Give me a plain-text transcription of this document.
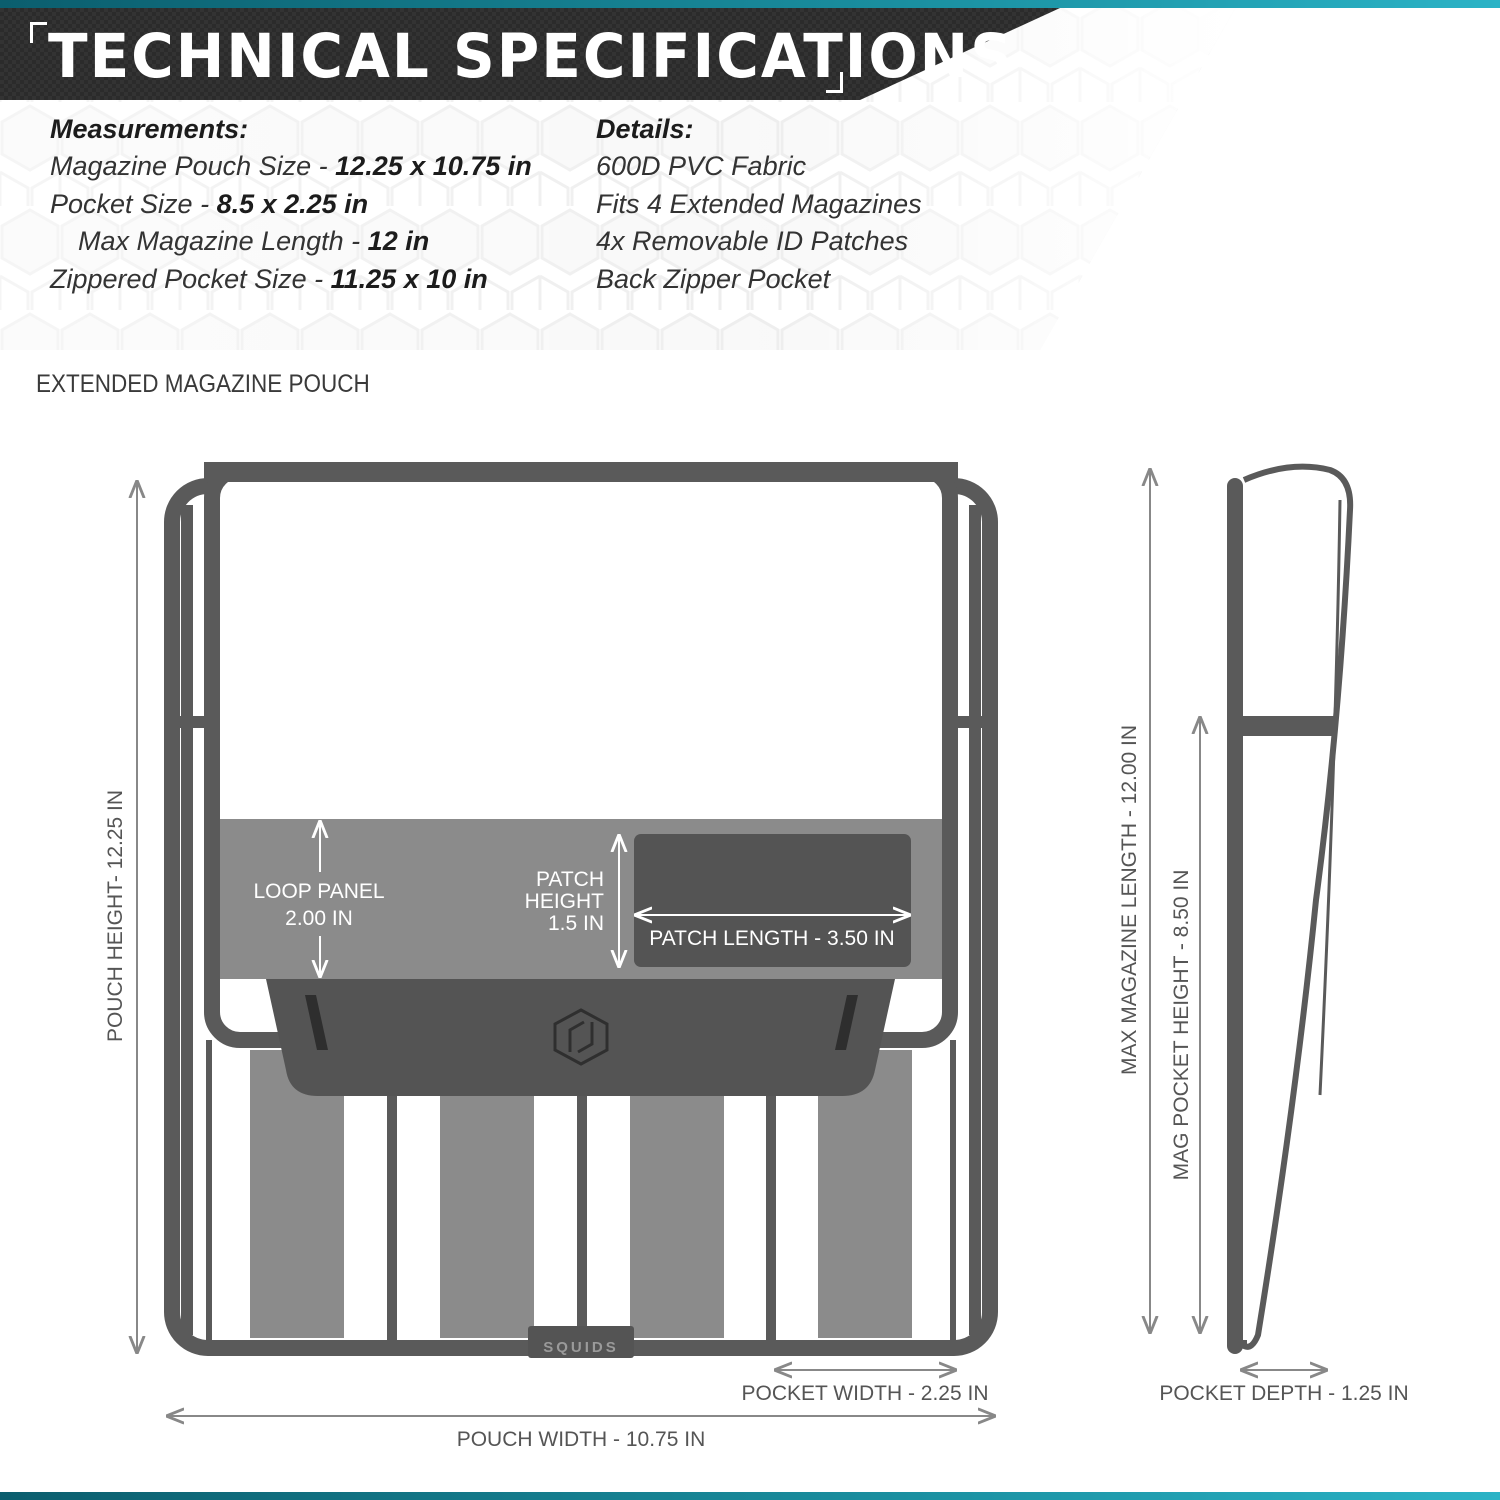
TECHNICAL SPECIFICATIONS
Measurements:
Magazine Pouch Size - 12.25 x 10.75 in
Pocket Size - 8.5 x 2.25 in
Max Magazine Length - 12 in
Zippered Pocket Size - 11.25 x 10 in
Details:
600D PVC Fabric
Fits 4 Extended Magazines
4x Removable ID Patches
Back Zipper Pocket
EXTENDED MAGAZINE POUCH
SQUIDS
LOOP PANEL
2.00 IN
PATCH
HEIGHT
1.5 IN
PATCH LENGTH - 3.50 IN
POUCH HEIGHT- 12.25 IN
POCKET WIDTH - 2.25 IN
POUCH WIDTH - 10.75 IN
MAX MAGAZINE LENGTH - 12.00 IN MAG POCKET HEIGHT - 8.50 IN
POCKET DEPTH - 1.25 IN
